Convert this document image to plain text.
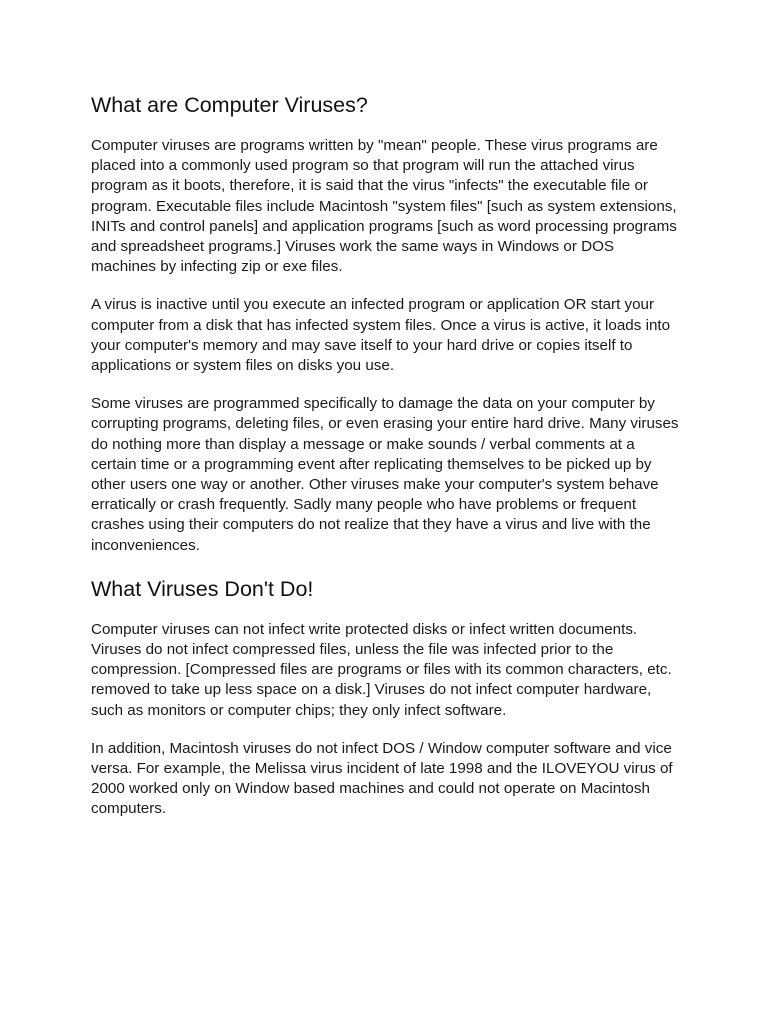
What are Computer Viruses?

Computer viruses are programs written by "mean" people. These virus programs are placed into a commonly used program so that program will run the attached virus program as it boots, therefore, it is said that the virus "infects" the executable file or program. Executable files include Macintosh "system files" [such as system extensions, INITs and control panels] and application programs [such as word processing programs and spreadsheet programs.] Viruses work the same ways in Windows or DOS machines by infecting zip or exe files.

A virus is inactive until you execute an infected program or application OR start your computer from a disk that has infected system files. Once a virus is active, it loads into your computer's memory and may save itself to your hard drive or copies itself to applications or system files on disks you use.

Some viruses are programmed specifically to damage the data on your computer by corrupting programs, deleting files, or even erasing your entire hard drive. Many viruses do nothing more than display a message or make sounds / verbal comments at a certain time or a programming event after replicating themselves to be picked up by other users one way or another. Other viruses make your computer's system behave erratically or crash frequently. Sadly many people who have problems or frequent crashes using their computers do not realize that they have a virus and live with the inconveniences.

What Viruses Don't Do!

Computer viruses can not infect write protected disks or infect written documents. Viruses do not infect compressed files, unless the file was infected prior to the compression. [Compressed files are programs or files with its common characters, etc. removed to take up less space on a disk.] Viruses do not infect computer hardware, such as monitors or computer chips; they only infect software.

In addition, Macintosh viruses do not infect DOS / Window computer software and vice versa. For example, the Melissa virus incident of late 1998 and the ILOVEYOU virus of 2000 worked only on Window based machines and could not operate on Macintosh computers.
